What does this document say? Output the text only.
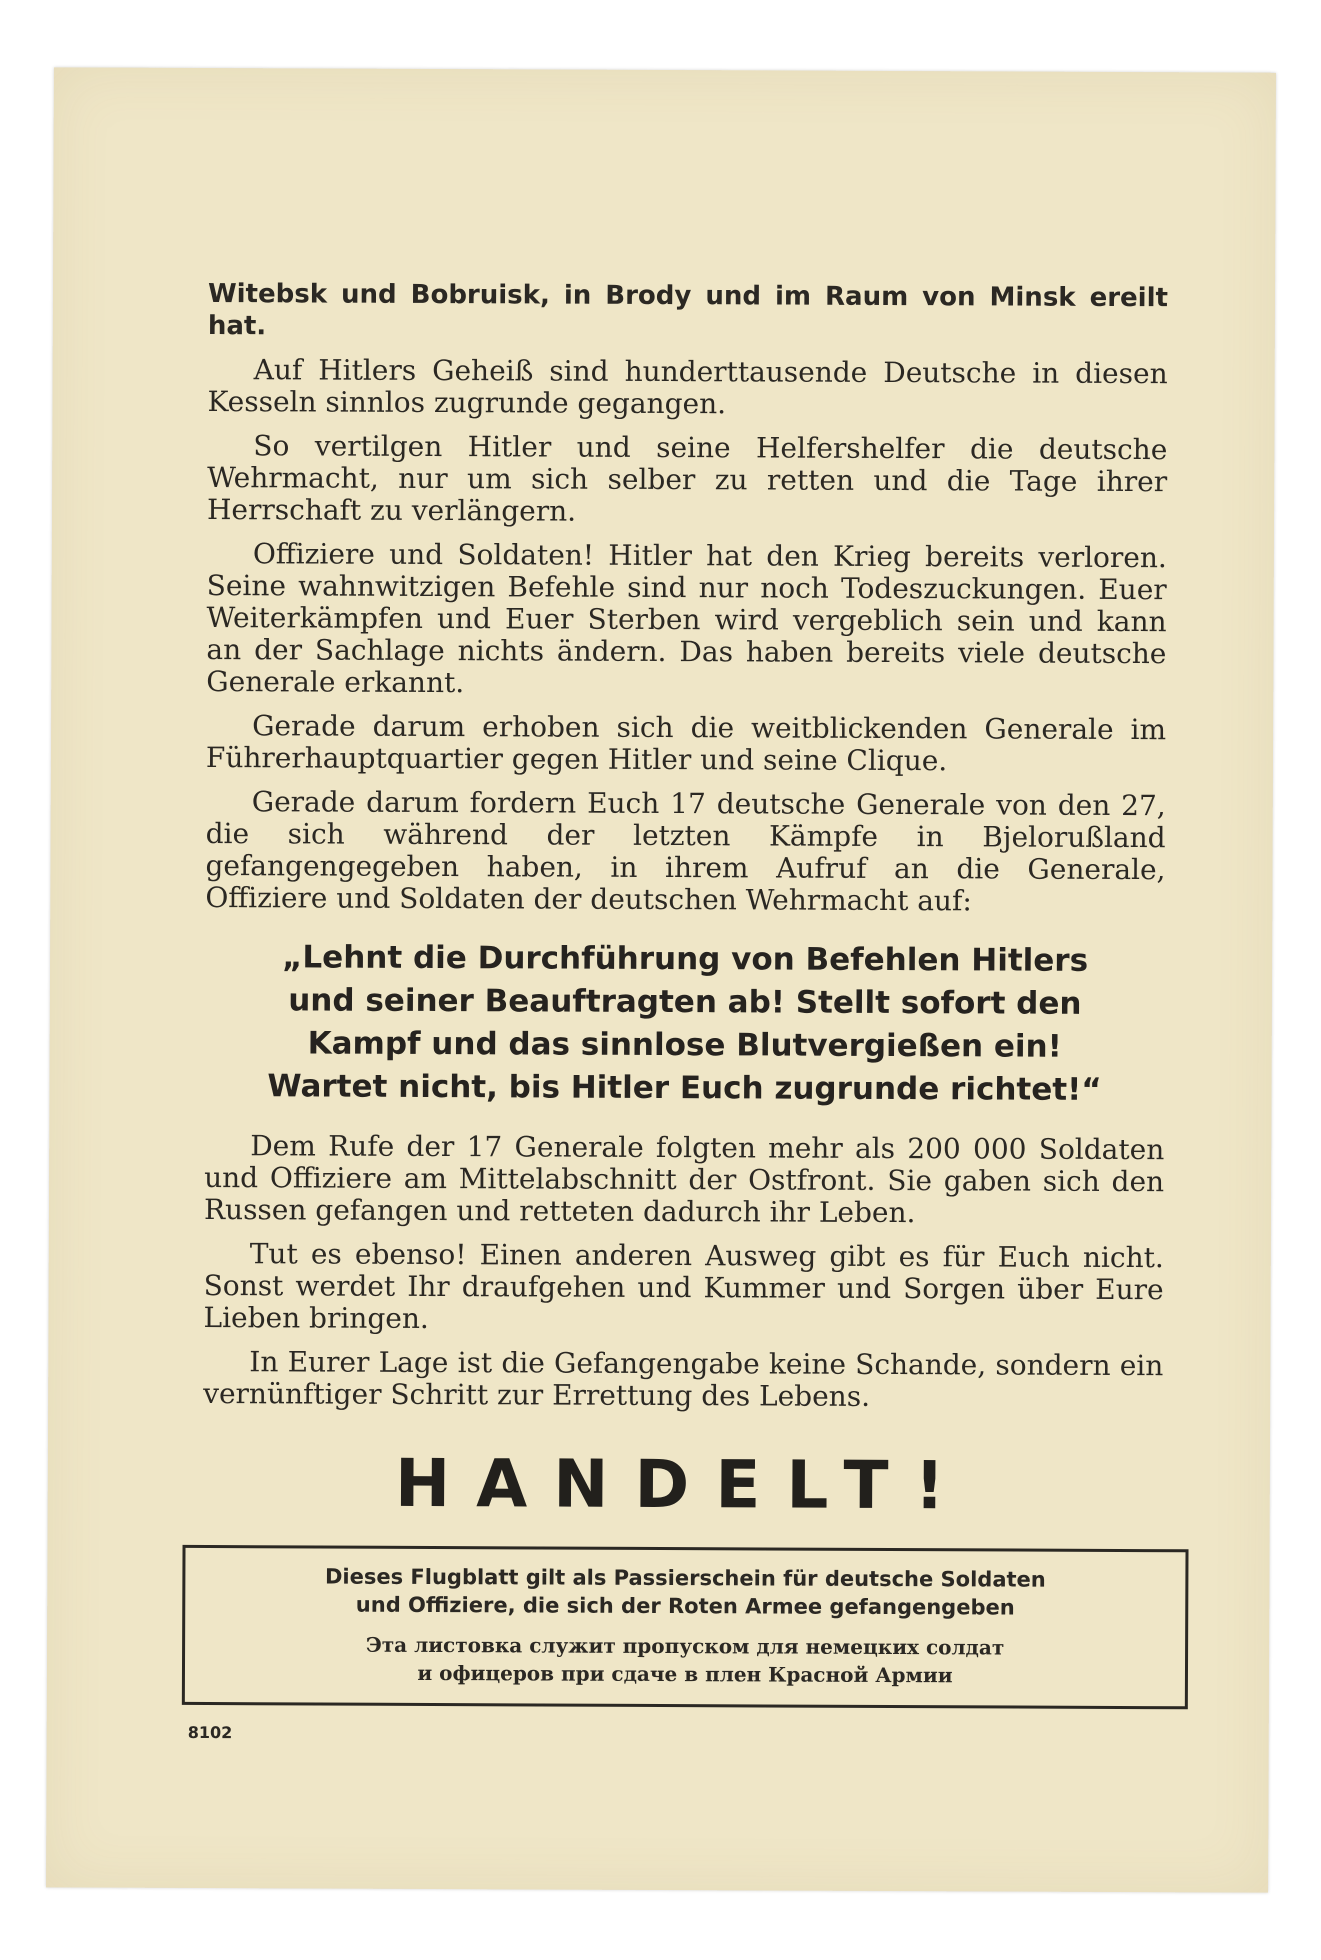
Witebsk und Bobruisk, in Brody und im Raum von Minsk ereilt hat.

Auf Hitlers Geheiß sind hunderttausende Deutsche in diesen Kesseln sinnlos zugrunde gegangen.

So vertilgen Hitler und seine Helfershelfer die deutsche Wehrmacht, nur um sich selber zu retten und die Tage ihrer Herrschaft zu verlängern.

Offiziere und Soldaten! Hitler hat den Krieg bereits verloren. Seine wahnwitzigen Befehle sind nur noch Todeszuckungen. Euer Weiterkämpfen und Euer Sterben wird vergeblich sein und kann an der Sachlage nichts ändern. Das haben bereits viele deutsche Generale erkannt.

Gerade darum erhoben sich die weitblickenden Generale im Führerhauptquartier gegen Hitler und seine Clique.

Gerade darum fordern Euch 17 deutsche Generale von den 27, die sich während der letzten Kämpfe in Bjelorußland gefangengegeben haben, in ihrem Aufruf an die Generale, Offiziere und Soldaten der deutschen Wehrmacht auf:

„Lehnt die Durchführung von Befehlen Hitlers und seiner Beauftragten ab! Stellt sofort den Kampf und das sinnlose Blutvergießen ein! Wartet nicht, bis Hitler Euch zugrunde richtet!“

Dem Rufe der 17 Generale folgten mehr als 200 000 Soldaten und Offiziere am Mittelabschnitt der Ostfront. Sie gaben sich den Russen gefangen und retteten dadurch ihr Leben.

Tut es ebenso! Einen anderen Ausweg gibt es für Euch nicht. Sonst werdet Ihr draufgehen und Kummer und Sorgen über Eure Lieben bringen.

In Eurer Lage ist die Gefangengabe keine Schande, sondern ein vernünftiger Schritt zur Errettung des Lebens.

HANDELT!
Dieses Flugblatt gilt als Passierschein für deutsche Soldaten
und Offiziere, die sich der Roten Armee gefangengeben
Эта листовка служит пропуском для немецких солдат
и офицеров при сдаче в плен Красной Армии
8102
